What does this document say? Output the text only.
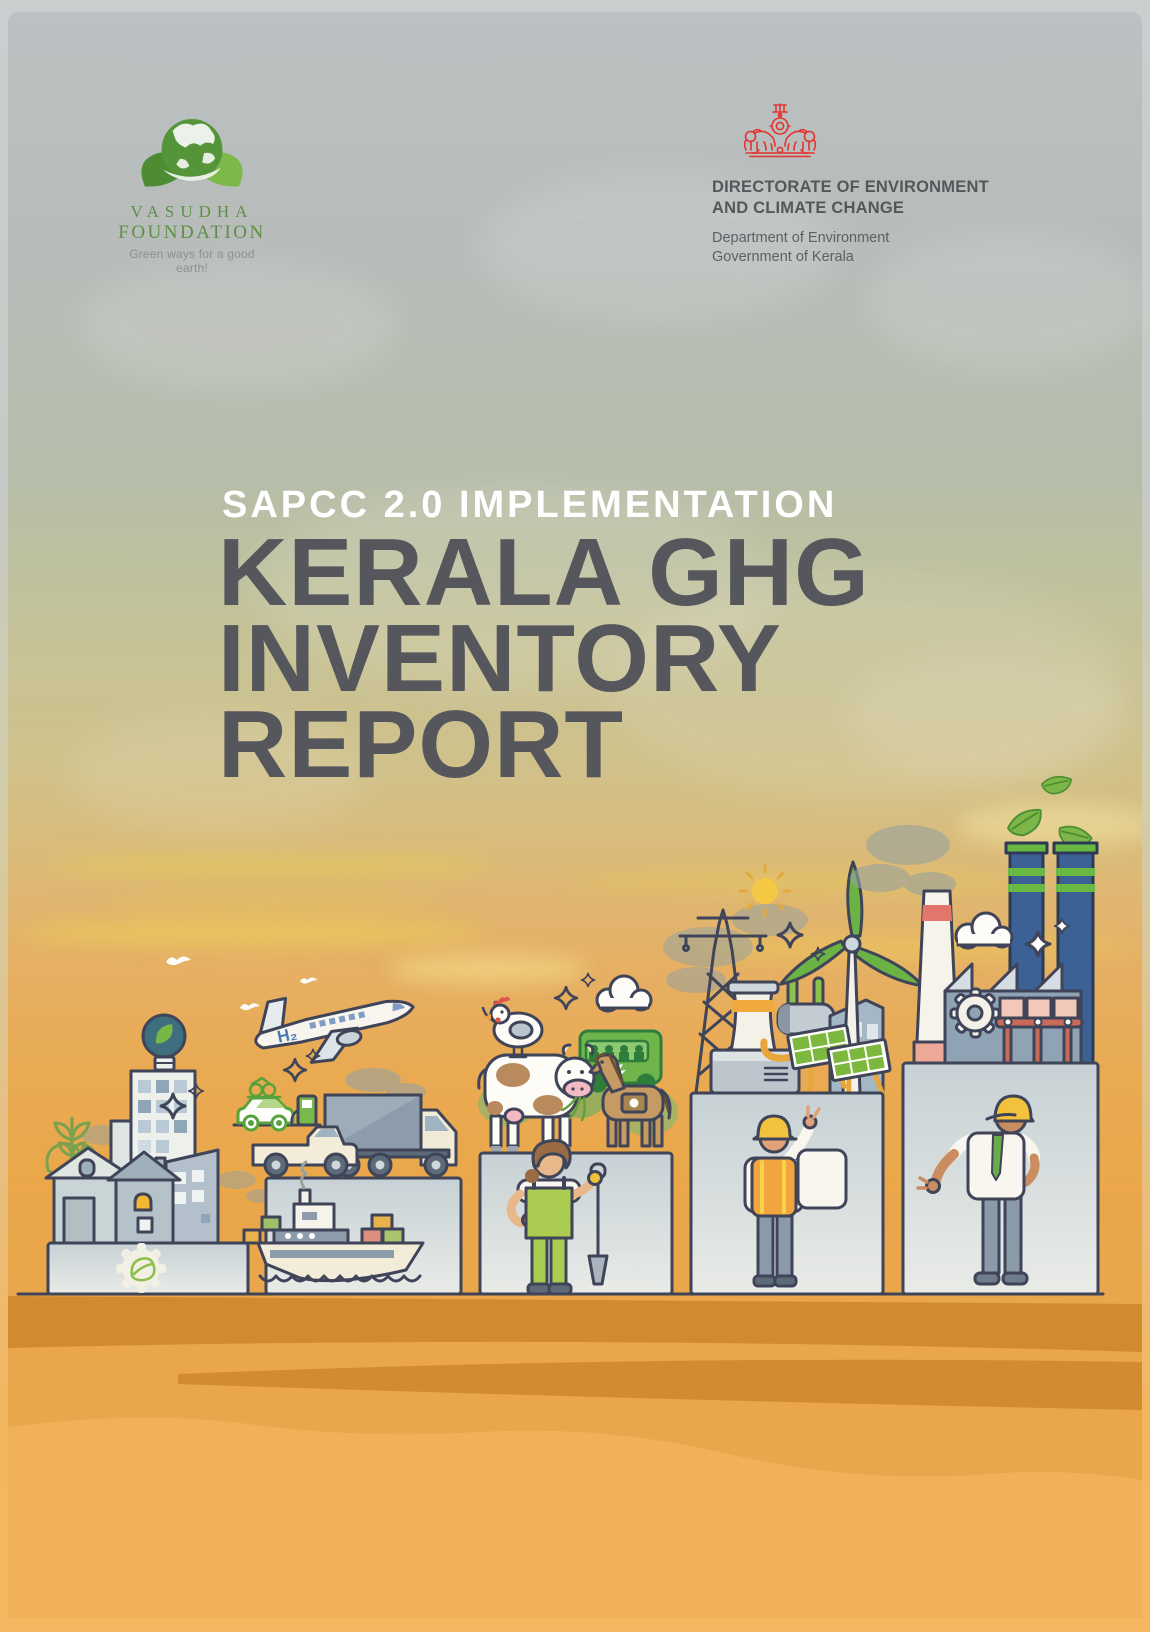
VASUDHA
FOUNDATION
Green ways for a good earth!
DIRECTORATE OF ENVIRONMENT
AND CLIMATE CHANGE
Department of Environment
Government of Kerala
SAPCC 2.0 IMPLEMENTATION
KERALA GHG
INVENTORY
REPORT
H₂
